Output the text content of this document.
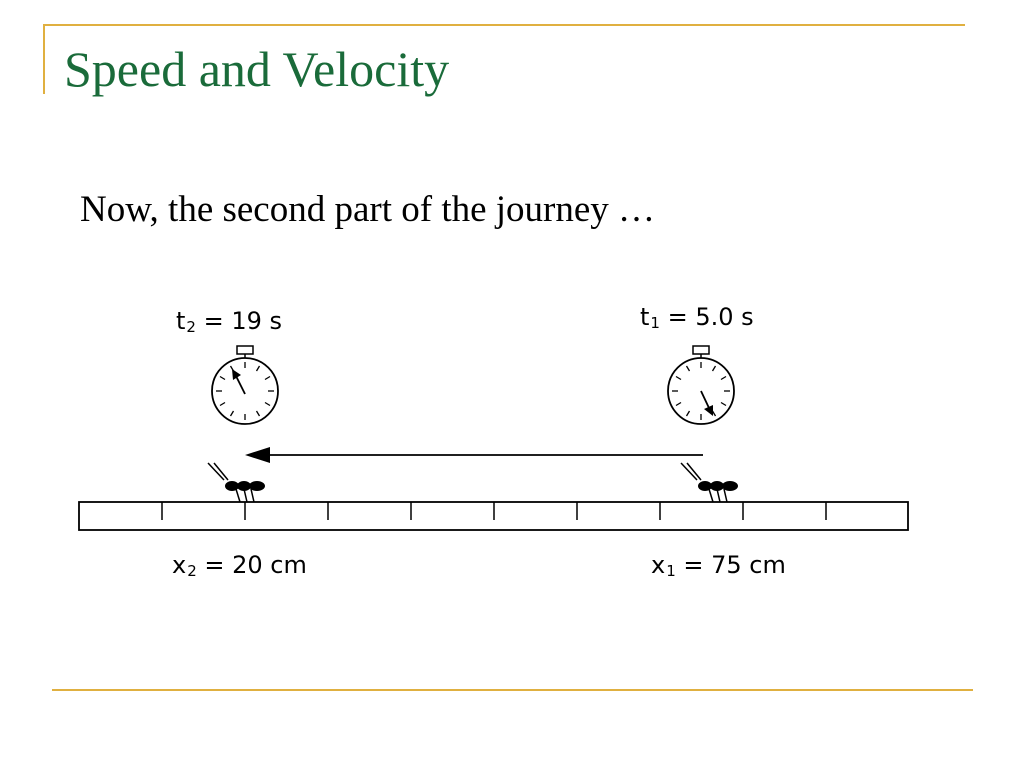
Speed and Velocity
Now, the second part of the journey …
$t_2 = 19$ s	$t_1 = 5.0$ s
$x_2 = 20$ cm	$x_1 = 75$ cm
